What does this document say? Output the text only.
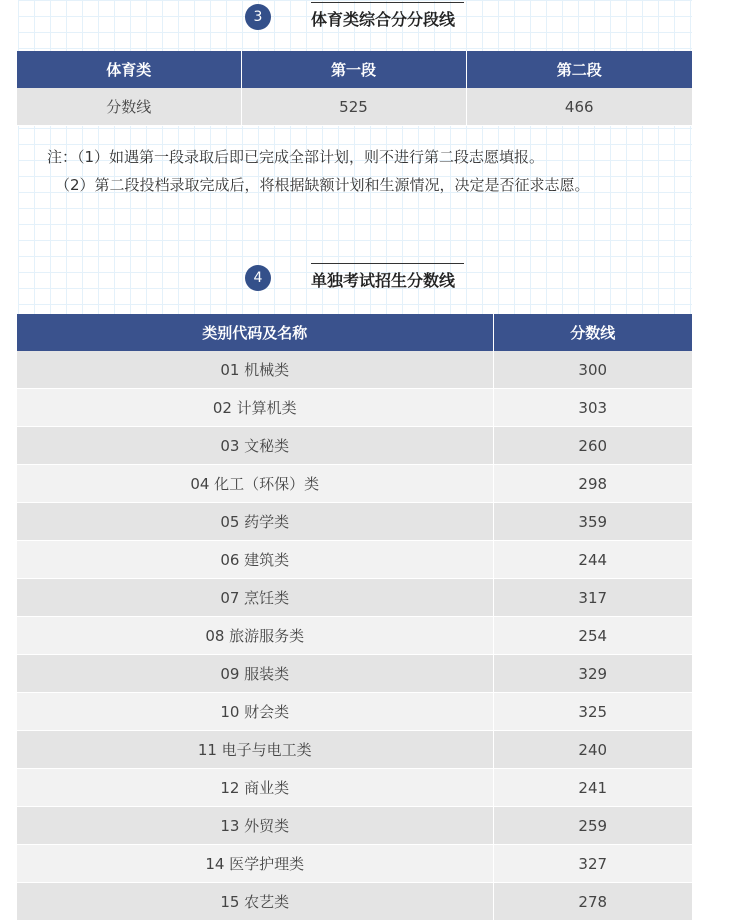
3	体育类综合分分段线
体育类	第一段	第二段
分数线	525	466
注：（1）如遇第一段录取后即已完成全部计划，则不进行第二段志愿填报。
（2）第二段投档录取完成后，将根据缺额计划和生源情况，决定是否征求志愿。
4	单独考试招生分数线
类别代码及名称	分数线
01 机械类	300
02 计算机类	303
03 文秘类	260
04 化工（环保）类	298
05 药学类	359
06 建筑类	244
07 烹饪类	317
08 旅游服务类	254
09 服装类	329
10 财会类	325
11 电子与电工类	240
12 商业类	241
13 外贸类	259
14 医学护理类	327
15 农艺类	278
